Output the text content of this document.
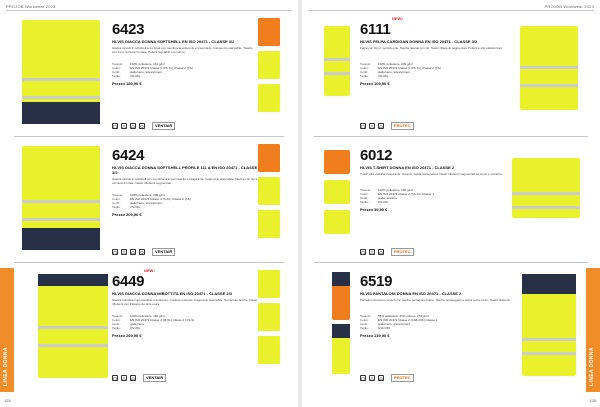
PROJOB Workwear 2023
6423
HI-VIS GIACCA DONNA SOFTSHELL EN ISO 20471 - CLASSE 3/2
Giacca stretch in softshell a tre strati con membrana antivento e traspirante. Cappuccio staccabile. Tasche con zip e cerniera frontale. Polsini regolabili con velcro.
Tessuto:	100% poliestere, 310 g/m²
Colori:	EN ISO 20471 Classe 3 (XS-XL) Classe 2 (XS)
Certif.:	giallo/nero, arancio/nero
Taglie:	XS-3XL
Prezzo 189,90 €
VENTAIR
6424
HI-VIS GIACCA DONNA SOFTSHELL PROFILE 111 A EN ISO 20471 - CLASSE 3/2
Giacca stretch in softshell con membrana impermeabile e traspirante. Cappuccio staccabile. Tasche con zip e cerniera frontale. Nastri riflettenti segmentati.
Tessuto:	100% poliestere, 290 g/m²
Colori:	EN ISO 20471 Classe 3 (S-XL) Classe 2 (XS)
Certif.:	giallo/nero, arancio/nero
Taglie:	XS-3XL
Prezzo 209,90 €
VENTAIR
NEW!
6449
HI-VIS GIACCA DONNA IMBOTTITA EN ISO 20471 - CLASSE 2/3
Giacca imbottita impermeabile e antivento. Cuciture nastrate. Cappuccio staccabile. Numerose tasche. Nastri riflettenti con trattamento anti-usura.
Tessuto:	100% poliestere, 160 g/m²
Colori:	EN ISO 20471 Classe 3 (M-XL) Classe 2 (XS-S)
Certif.:	giallo/nero
Taglie:	XS-3XL
Prezzo 269,90 €
VENTAIR
LINEA DONNA
124
PROJOB Workwear 2023
NEW!
6111
HI-VIS FELPA CARDIGAN DONNA EN ISO 20471 - CLASSE 3/2
Felpa con zip in morbido pile. Tasche laterali con zip. Nastri riflettenti segmentati. Polsini e orlo elasticizzati.
Tessuto:	100% poliestere, 200 g/m²
Colori:	EN ISO 20471 Classe 3 (XS-XL) Classe 2 (XS)
Certif.:	giallo/nero, arancio/nero
Taglie:	XS-3XL
Prezzo 109,90 €
PROTEC
6012
HI-VIS T-SHIRT DONNA EN ISO 20471 - CLASSE 2
T-shirt alta visibilità traspirante. Tessuto rapida asciugatura. Nastri riflettenti segmentati su corpo e maniche.
Tessuto:	100% poliestere, 160 g/m²
Colori:	EN ISO 20471 Classe 2 (XS-XL) Classe 1
Certif.:	giallo, arancio
Taglie:	XS-3XL
Prezzo 39,90 €
PROTEC
6519
HI-VIS PANTALONI DONNA EN ISO 20471 - CLASSE 2
Pantaloni da lavoro stretch con tasche portaginocchiere. Tasche portaoggetti e tasca porta metro. Nastri riflettenti.
Tessuto:	55% poliestere, 45% cotone, 270 g/m²
Colori:	EN ISO 20471 Classe 2 (C48-C56) Classe 1
Certif.:	giallo/nero, arancio/nero
Taglie:	C34-C56
Prezzo 139,90 €
PROTEC	LINEA DONNA
125
